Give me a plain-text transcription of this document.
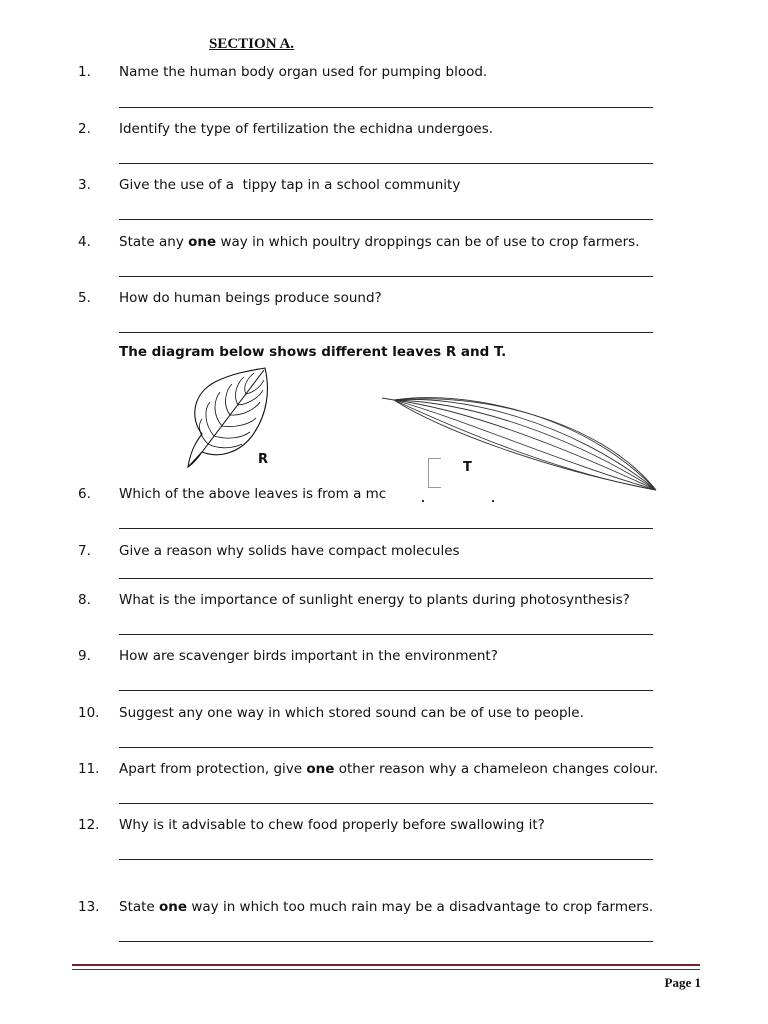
SECTION A.
1. Name the human body organ used for pumping blood.
2. Identify the type of fertilization the echidna undergoes.
3. Give the use of a  tippy tap in a school community
4. State any one way in which poultry droppings can be of use to crop farmers.
5. How do human beings produce sound?
The diagram below shows different leaves R and T.
R
T
6. Which of the above leaves is from a mc
7. Give a reason why solids have compact molecules
8. What is the importance of sunlight energy to plants during photosynthesis?
9. How are scavenger birds important in the environment?
10. Suggest any one way in which stored sound can be of use to people.
11. Apart from protection, give one other reason why a chameleon changes colour.
12. Why is it advisable to chew food properly before swallowing it?
13. State one way in which too much rain may be a disadvantage to crop farmers.
Page 1
